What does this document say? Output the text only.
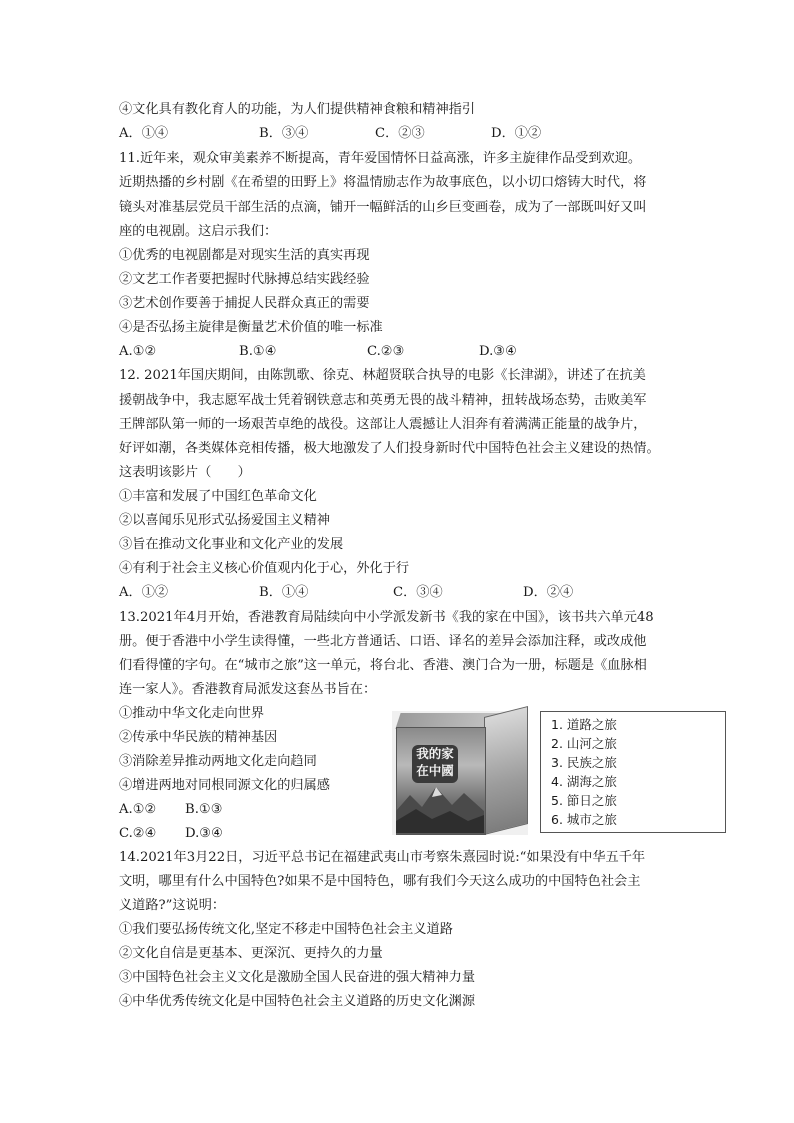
④文化具有教化育人的功能，为人们提供精神食粮和精神指引
A．①④	B．③④	C．②③	D．①②
11.近年来，观众审美素养不断提高，青年爱国情怀日益高涨，许多主旋律作品受到欢迎。
近期热播的乡村剧《在希望的田野上》将温情励志作为故事底色，以小切口熔铸大时代，将
镜头对准基层党员干部生活的点滴，铺开一幅鲜活的山乡巨变画卷，成为了一部既叫好又叫
座的电视剧。这启示我们：
①优秀的电视剧都是对现实生活的真实再现
②文艺工作者要把握时代脉搏总结实践经验
③艺术创作要善于捕捉人民群众真正的需要
④是否弘扬主旋律是衡量艺术价值的唯一标准
A.①②	B.①④	C.②③	D.③④
12. 2021年国庆期间，由陈凯歌、徐克、林超贤联合执导的电影《长津湖》，讲述了在抗美
援朝战争中，我志愿军战士凭着钢铁意志和英勇无畏的战斗精神，扭转战场态势，击败美军
王牌部队第一师的一场艰苦卓绝的战役。这部让人震撼让人泪奔有着满满正能量的战争片，
好评如潮，各类媒体竞相传播，极大地激发了人们投身新时代中国特色社会主义建设的热情。
这表明该影片（　　）
①丰富和发展了中国红色革命文化
②以喜闻乐见形式弘扬爱国主义精神
③旨在推动文化事业和文化产业的发展
④有利于社会主义核心价值观内化于心，外化于行
A．①②	B．①④	C．③④	D．②④
13.2021年4月开始，香港教育局陆续向中小学派发新书《我的家在中国》，该书共六单元48
册。便于香港中小学生读得懂，一些北方普通话、口语、译名的差异会添加注释，或改成他
们看得懂的字句。在“城市之旅”这一单元，将台北、香港、澳门合为一册，标题是《血脉相
连一家人》。香港教育局派发这套丛书旨在：
①推动中华文化走向世界
②传承中华民族的精神基因
③消除差异推动两地文化走向趋同
④增进两地对同根同源文化的归属感
A.①② B.①③
C.②④ D.③④
我的家
在中國
1. 道路之旅
2. 山河之旅
3. 民族之旅
4. 湖海之旅
5. 節日之旅
6. 城市之旅
14.2021年3月22日，习近平总书记在福建武夷山市考察朱熹园时说:“如果没有中华五千年
文明，哪里有什么中国特色?如果不是中国特色，哪有我们今天这么成功的中国特色社会主
义道路?”这说明：
①我们要弘扬传统文化,坚定不移走中国特色社会主义道路
②文化自信是更基本、更深沉、更持久的力量
③中国特色社会主义文化是激励全国人民奋进的强大精神力量
④中华优秀传统文化是中国特色社会主义道路的历史文化渊源
